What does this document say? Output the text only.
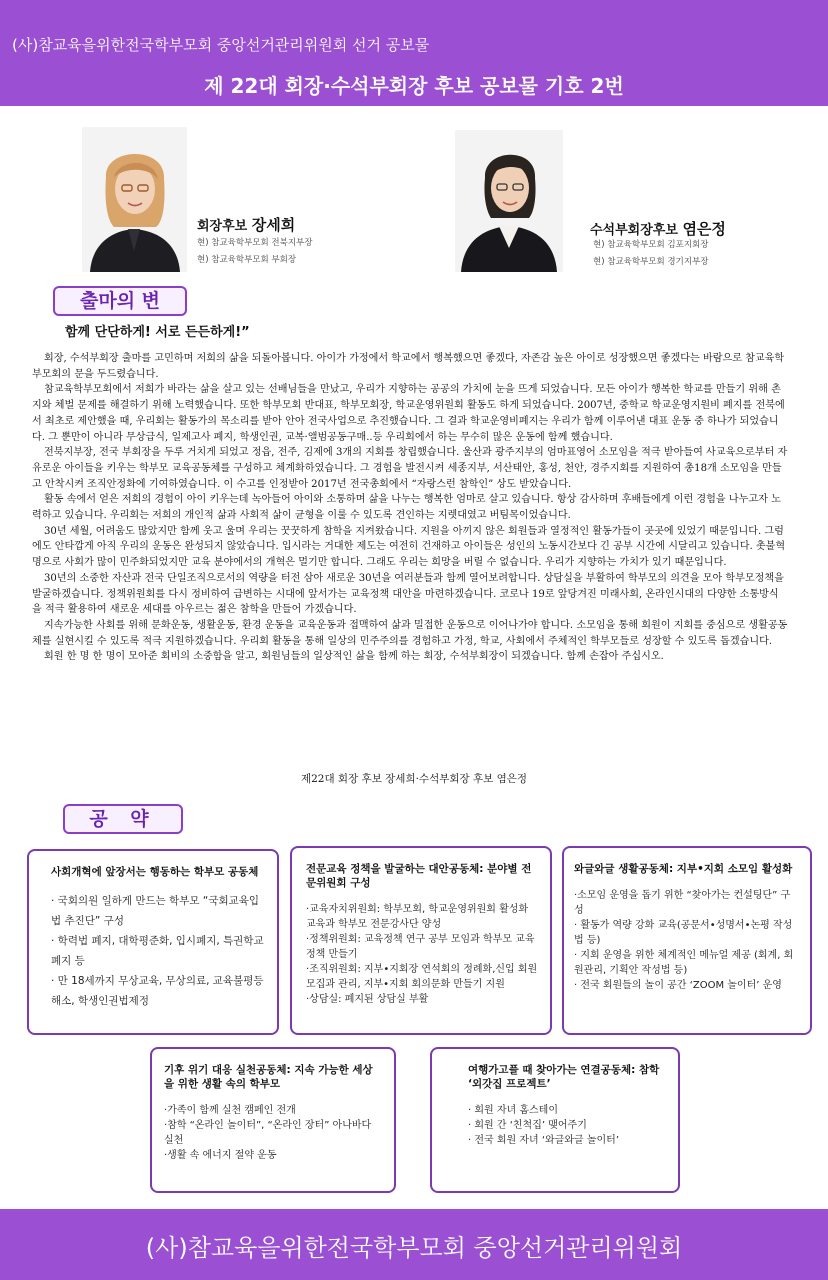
(사)참교육을위한전국학부모회 중앙선거관리위원회 선거 공보물
제 22대 회장·수석부회장 후보 공보물 기호 2번
회장후보 장세희
현) 참교육학부모회 전북지부장
현) 참교육학부모회 부회장
수석부회장후보 염은정
현) 참교육학부모회 김포지회장
현) 참교육학부모회 경기지부장
출마의 변
함께 단단하게! 서로 든든하게!”

회장, 수석부회장 출마를 고민하며 저희의 삶을 되돌아봅니다. 아이가 가정에서 학교에서 행복했으면 좋겠다, 자존감 높은 아이로 성장했으면 좋겠다는 바람으로 참교육학부모회의 문을 두드렸습니다.

참교육학부모회에서 저희가 바라는 삶을 살고 있는 선배님들을 만났고, 우리가 지향하는 공공의 가치에 눈을 뜨게 되었습니다. 모든 아이가 행복한 학교를 만들기 위해 촌지와 체벌 문제를 해결하기 위해 노력했습니다. 또한 학부모회 반대표, 학부모회장, 학교운영위원회 활동도 하게 되었습니다. 2007년, 중학교 학교운영지원비 폐지를 전북에서 최초로 제안했을 때, 우리회는 활동가의 목소리를 받아 안아 전국사업으로 추진했습니다. 그 결과 학교운영비폐지는 우리가 함께 이루어낸 대표 운동 중 하나가 되었습니다. 그 뿐만이 아니라 무상급식, 일제고사 폐지, 학생인권, 교복·앨범공동구매..등 우리회에서 하는 무수히 많은 운동에 함께 했습니다.

전북지부장, 전국 부회장을 두루 거치게 되었고 정읍, 전주, 김제에 3개의 지회를 창립했습니다. 울산과 광주지부의 엄마표영어 소모임을 적극 받아들여 사교육으로부터 자유로운 아이들을 키우는 학부모 교육공동체를 구성하고 체계화하였습니다. 그 경험을 발전시켜 세종지부, 서산태안, 홍성, 천안, 경주지회를 지원하여 총18개 소모임을 만들고 안착시켜 조직안정화에 기여하였습니다. 이 수고를 인정받아 2017년 전국총회에서 “자랑스런 참학인” 상도 받았습니다.

활동 속에서 얻은 저희의 경험이 아이 키우는데 녹아들어 아이와 소통하며 삶을 나누는 행복한 엄마로 살고 있습니다. 항상 감사하며 후배들에게 이런 경험을 나누고자 노력하고 있습니다. 우리회는 저희의 개인적 삶과 사회적 삶이 균형을 이룰 수 있도록 견인하는 지렛대였고 버팀목이었습니다.

30년 세월, 어려움도 많았지만 함께 웃고 울며 우리는 꿋꿋하게 참학을 지켜왔습니다. 지원을 아끼지 않은 회원들과 열정적인 활동가들이 곳곳에 있었기 때문입니다. 그럼에도 안타깝게 아직 우리의 운동은 완성되지 않았습니다. 입시라는 거대한 제도는 여전히 건재하고 아이들은 성인의 노동시간보다 긴 공부 시간에 시달리고 있습니다. 촛불혁명으로 사회가 많이 민주화되었지만 교육 분야에서의 개혁은 멀기만 합니다. 그래도 우리는 희망을 버릴 수 없습니다. 우리가 지향하는 가치가 있기 때문입니다.

30년의 소중한 자산과 전국 단일조직으로서의 역량을 터전 삼아 새로운 30년을 여러분들과 함께 열어보려합니다. 상담실을 부활하여 학부모의 의견을 모아 학부모정책을 발굴하겠습니다. 정책위원회를 다시 정비하여 급변하는 시대에 앞서가는 교육정책 대안을 마련하겠습니다. 코로나 19로 앞당겨진 미래사회, 온라인시대의 다양한 소통방식을 적극 활용하여 새로운 세대를 아우르는 젊은 참학을 만들어 가겠습니다.

지속가능한 사회를 위해 문화운동, 생활운동, 환경 운동을 교육운동과 접맥하여 삶과 밀접한 운동으로 이어나가야 합니다. 소모임을 통해 회원이 지회를 중심으로 생활공동체를 실현시킬 수 있도록 적극 지원하겠습니다. 우리회 활동을 통해 일상의 민주주의를 경험하고 가정, 학교, 사회에서 주체적인 학부모들로 성장할 수 있도록 돕겠습니다.

회원 한 명 한 명이 모아준 회비의 소중함을 알고, 회원님들의 일상적인 삶을 함께 하는 회장, 수석부회장이 되겠습니다. 함께 손잡아 주십시오.

제22대 회장 후보 장세희·수석부회장 후보 염은정
공 약
사회개혁에 앞장서는 행동하는 학부모 공동체
· 국회의원 일하게 만드는 학부모 “국회교육입법 추진단” 구성
· 학력법 폐지, 대학평준화, 입시폐지, 특권학교 폐지 등
· 만 18세까지 무상교육, 무상의료, 교육불평등 해소, 학생인권법제정
전문교육 정책을 발굴하는 대안공동체: 분야별 전문위원회 구성
·교육자치위원회: 학부모회, 학교운영위원회 활성화 교육과 학부모 전문강사단 양성
·정책위원회: 교육정책 연구 공부 모임과 학부모 교육정책 만들기
·조직위원회: 지부•지회장 연석회의 정례화,신입 회원모집과 관리, 지부•지회 회의문화 만들기 지원
·상담실: 폐지된 상담실 부활
와글와글 생활공동체: 지부•지회 소모임 활성화
·소모임 운영을 돕기 위한 “찾아가는 컨설팅단” 구성
· 활동가 역량 강화 교육(공문서•성명서•논평 작성법 등)
· 지회 운영을 위한 체계적인 메뉴얼 제공 (회계, 회원관리, 기획안 작성법 등)
· 전국 회원들의 놀이 공간 ‘ZOOM 놀이터’ 운영
기후 위기 대응 실천공동체: 지속 가능한 세상을 위한 생활 속의 학부모
·가족이 함께 실천 캠페인 전개
·참학 “온라인 놀이터”, “온라인 장터” 아나바다 실천
·생활 속 에너지 절약 운동
여행가고플 때 찾아가는 연결공동체: 참학 ‘외갓집 프로젝트’
· 회원 자녀 홈스테이
· 회원 간 ‘친척집’ 맺어주기
· 전국 회원 자녀 ‘와글와글 놀이터’
(사)참교육을위한전국학부모회 중앙선거관리위원회
